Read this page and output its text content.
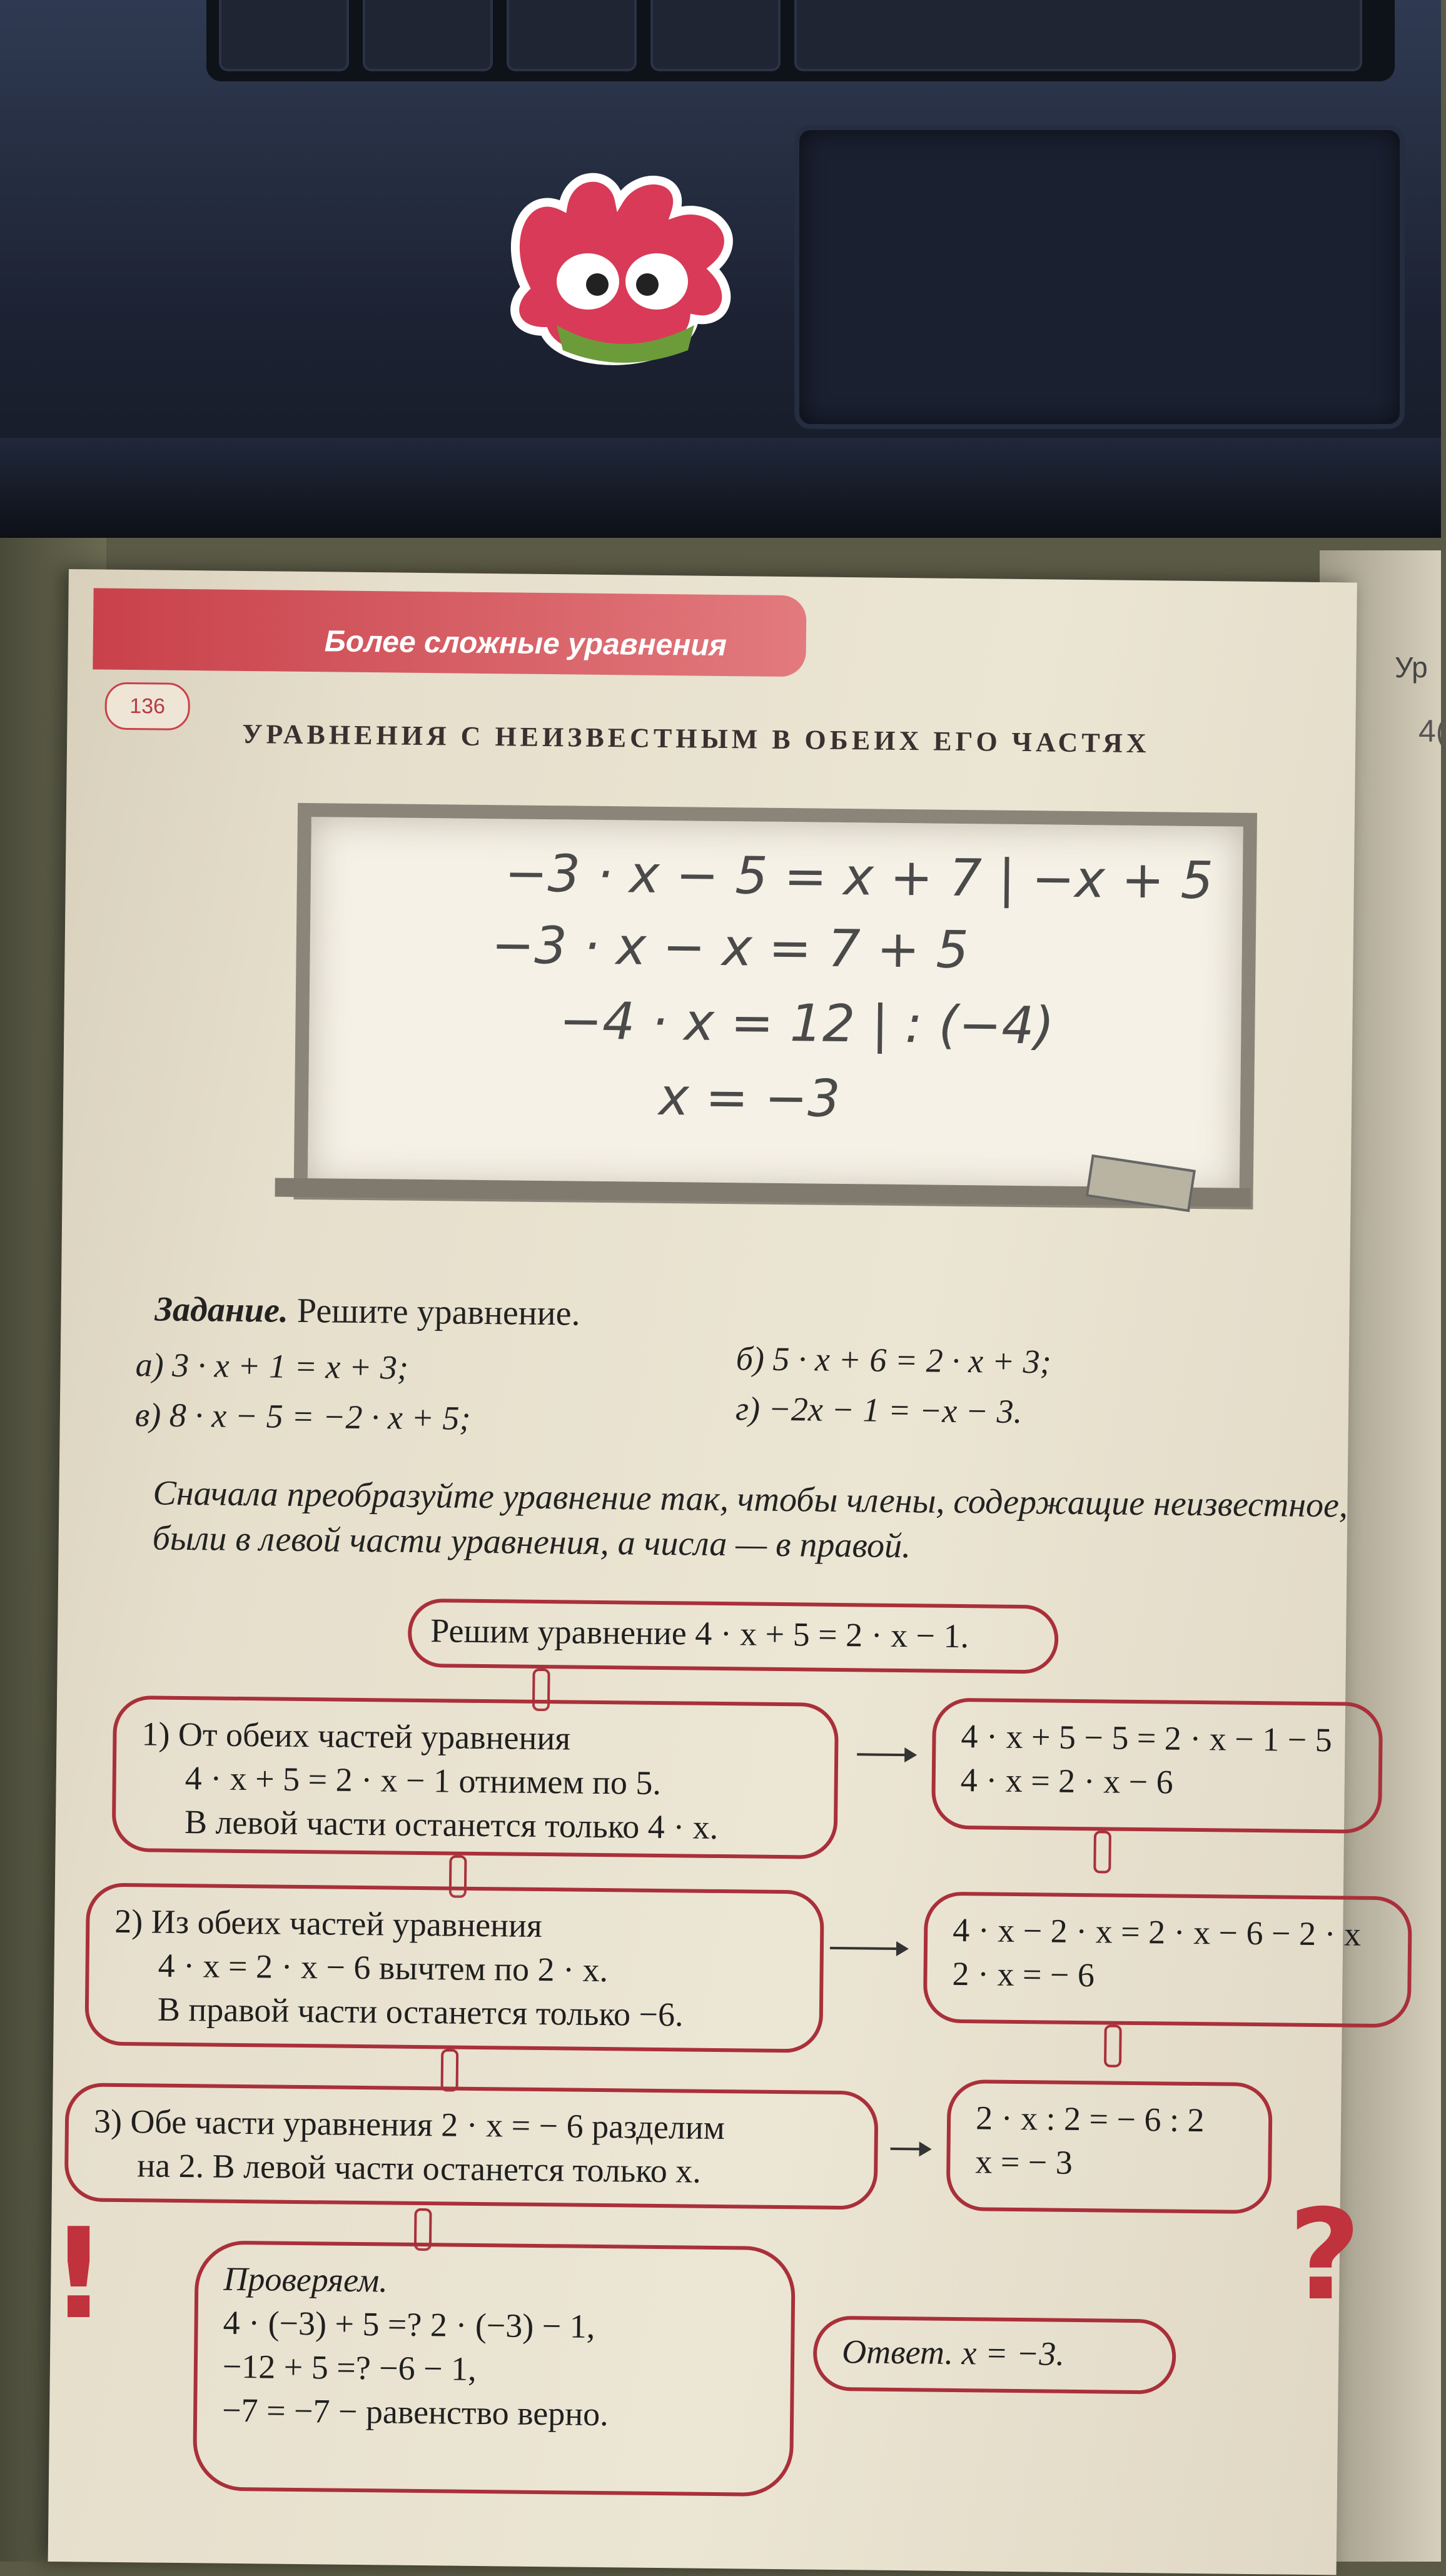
Ур
4(
Более сложные уравнения
136
УРАВНЕНИЯ С НЕИЗВЕСТНЫМ В ОБЕИХ ЕГО ЧАСТЯХ
−3 · x − 5 = x + 7 | −x + 5
−3 · x − x = 7 + 5
−4 · x = 12 | : (−4)
x = −3
Задание. Решите уравнение.
а) 3 · x + 1 = x + 3;	б) 5 · x + 6 = 2 · x + 3;
в) 8 · x − 5 = −2 · x + 5;	г) −2x − 1 = −x − 3.
Сначала преобразуйте уравнение так, чтобы члены, содержащие неизвестное, были в левой части уравнения, а числа — в правой.
Решим уравнение 4 · x + 5 = 2 · x − 1.
1) От обеих частей уравнения
4 · x + 5 = 2 · x − 1 отнимем по 5.
В левой части останется только 4 · x.
4 · x + 5 − 5 = 2 · x − 1 − 5
4 · x = 2 · x − 6
2) Из обеих частей уравнения
4 · x = 2 · x − 6 вычтем по 2 · x.
В правой части останется только −6.
4 · x − 2 · x = 2 · x − 6 − 2 · x
2 · x = − 6
3) Обе части уравнения 2 · x = − 6 разделим
на 2. В левой части останется только x.
2 · x : 2 = − 6 : 2
x = − 3
Проверяем.
4 · (−3) + 5 =? 2 · (−3) − 1,
−12 + 5 =? −6 − 1,
−7 = −7 − равенство верно.
Ответ. x = −3.
!	?
